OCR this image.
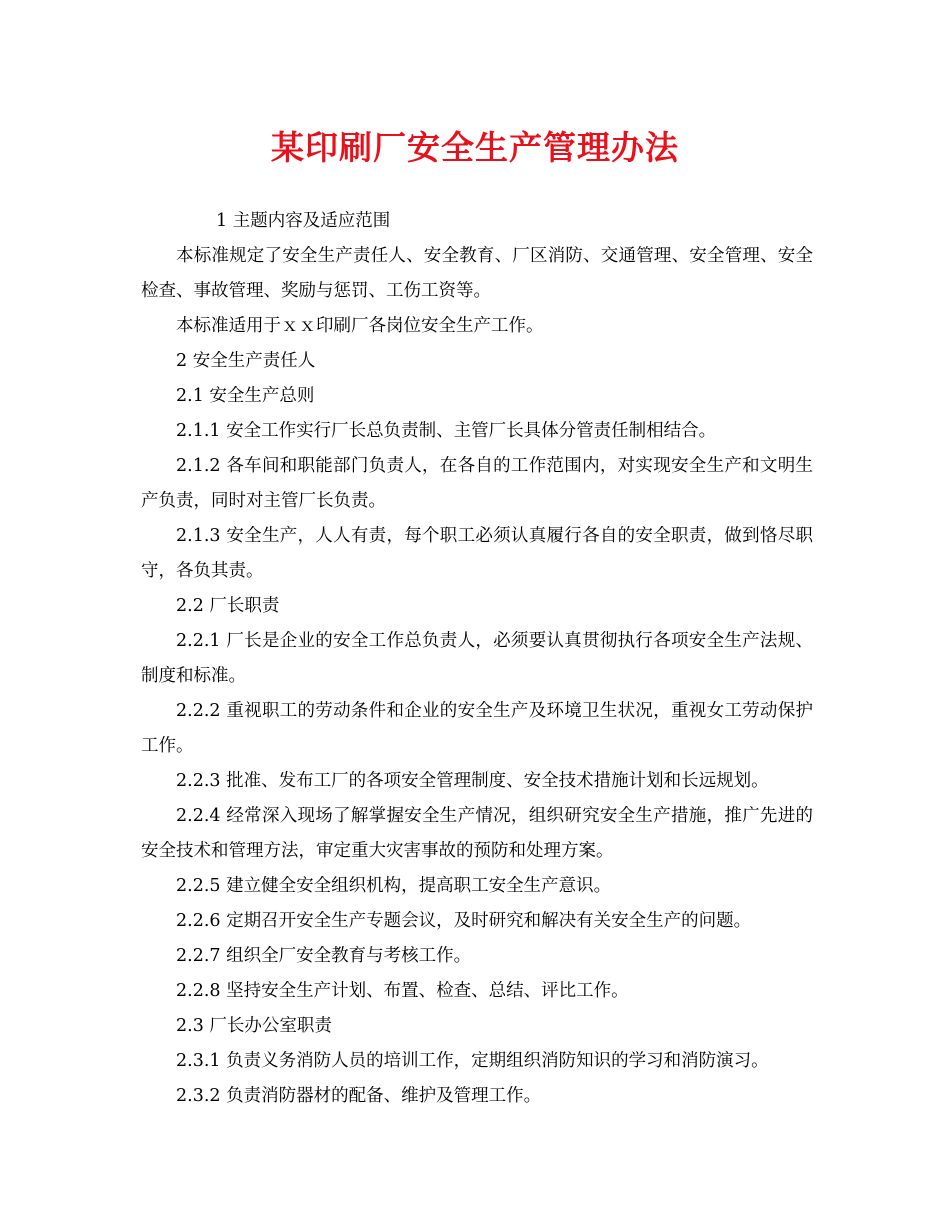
某印刷厂安全生产管理办法

1 主题内容及适应范围

本标准规定了安全生产责任人、安全教育、厂区消防、交通管理、安全管理、安全检查、事故管理、奖励与惩罚、工伤工资等。

本标准适用于ｘｘ印刷厂各岗位安全生产工作。

2 安全生产责任人

2.1 安全生产总则

2.1.1 安全工作实行厂长总负责制、主管厂长具体分管责任制相结合。

2.1.2 各车间和职能部门负责人，在各自的工作范围内，对实现安全生产和文明生产负责，同时对主管厂长负责。

2.1.3 安全生产，人人有责，每个职工必须认真履行各自的安全职责，做到恪尽职守，各负其责。

2.2 厂长职责

2.2.1 厂长是企业的安全工作总负责人，必须要认真贯彻执行各项安全生产法规、制度和标准。

2.2.2 重视职工的劳动条件和企业的安全生产及环境卫生状况，重视女工劳动保护工作。

2.2.3 批准、发布工厂的各项安全管理制度、安全技术措施计划和长远规划。

2.2.4 经常深入现场了解掌握安全生产情况，组织研究安全生产措施，推广先进的安全技术和管理方法，审定重大灾害事故的预防和处理方案。

2.2.5 建立健全安全组织机构，提高职工安全生产意识。

2.2.6 定期召开安全生产专题会议，及时研究和解决有关安全生产的问题。

2.2.7 组织全厂安全教育与考核工作。

2.2.8 坚持安全生产计划、布置、检查、总结、评比工作。

2.3 厂长办公室职责

2.3.1 负责义务消防人员的培训工作，定期组织消防知识的学习和消防演习。

2.3.2 负责消防器材的配备、维护及管理工作。
